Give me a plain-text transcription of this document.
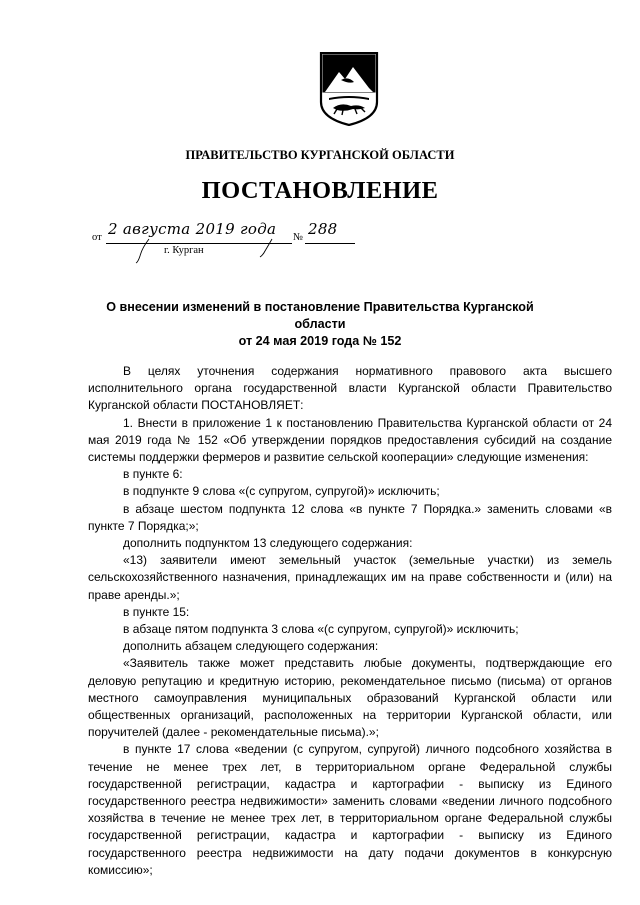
ПРАВИТЕЛЬСТВО КУРГАНСКОЙ ОБЛАСТИ
ПОСТАНОВЛЕНИЕ
от 2 августа 2019 года № 288
г. Курган
О внесении изменений в постановление Правительства Курганской области
от 24 мая 2019 года № 152

В целях уточнения содержания нормативного правового акта высшего исполнительного органа государственной власти Курганской области Правительство Курганской области ПОСТАНОВЛЯЕТ:

1. Внести в приложение 1 к постановлению Правительства Курганской области от 24 мая 2019 года № 152 «Об утверждении порядков предоставления субсидий на создание системы поддержки фермеров и развитие сельской кооперации» следующие изменения:

в пункте 6:

в подпункте 9 слова «(с супругом, супругой)» исключить;

в абзаце шестом подпункта 12 слова «в пункте 7 Порядка.» заменить словами «в пункте 7 Порядка;»;

дополнить подпунктом 13 следующего содержания:

«13) заявители имеют земельный участок (земельные участки) из земель сельскохозяйственного назначения, принадлежащих им на праве собственности и (или) на праве аренды.»;

в пункте 15:

в абзаце пятом подпункта 3 слова «(с супругом, супругой)» исключить;

дополнить абзацем следующего содержания:

«Заявитель также может представить любые документы, подтверждающие его деловую репутацию и кредитную историю, рекомендательное письмо (письма) от органов местного самоуправления муниципальных образований Курганской области или общественных организаций, расположенных на территории Курганской области, или поручителей (далее - рекомендательные письма).»;

в пункте 17 слова «ведении (с супругом, супругой) личного подсобного хозяйства в течение не менее трех лет, в территориальном органе Федеральной службы государственной регистрации, кадастра и картографии - выписку из Единого государственного реестра недвижимости» заменить словами «ведении личного подсобного хозяйства в течение не менее трех лет, в территориальном органе Федеральной службы государственной регистрации, кадастра и картографии - выписку из Единого государственного реестра недвижимости на дату подачи документов в конкурсную комиссию»;
